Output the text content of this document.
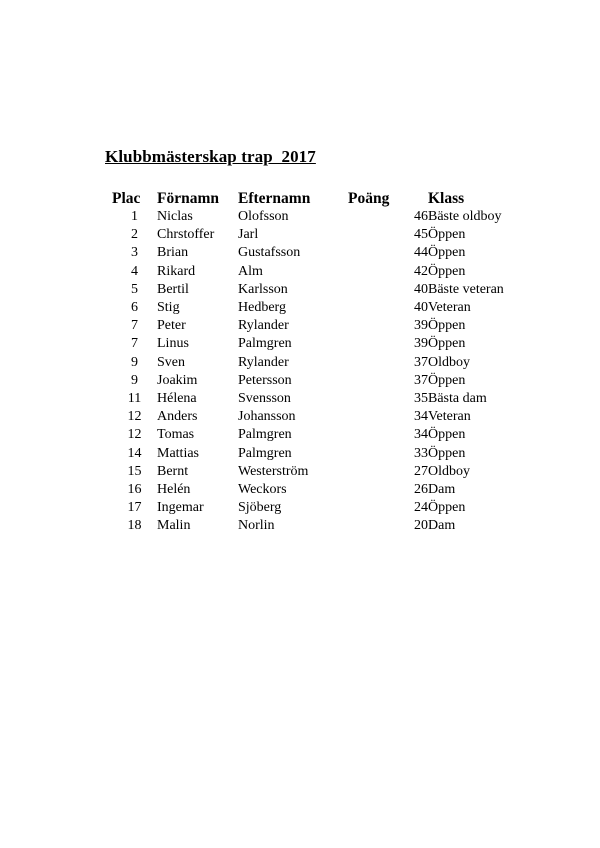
Klubbmästerskap trap  2017
Plac	Förnamn	Efternamn	Poäng	Klass
1	Niclas	Olofsson	46	Bäste oldboy
2	Chrstoffer	Jarl	45	Öppen
3	Brian	Gustafsson	44	Öppen
4	Rikard	Alm	42	Öppen
5	Bertil	Karlsson	40	Bäste veteran
6	Stig	Hedberg	40	Veteran
7	Peter	Rylander	39	Öppen
7	Linus	Palmgren	39	Öppen
9	Sven	Rylander	37	Oldboy
9	Joakim	Petersson	37	Öppen
11	Hélena	Svensson	35	Bästa dam
12	Anders	Johansson	34	Veteran
12	Tomas	Palmgren	34	Öppen
14	Mattias	Palmgren	33	Öppen
15	Bernt	Westerström	27	Oldboy
16	Helén	Weckors	26	Dam
17	Ingemar	Sjöberg	24	Öppen
18	Malin	Norlin	20	Dam
